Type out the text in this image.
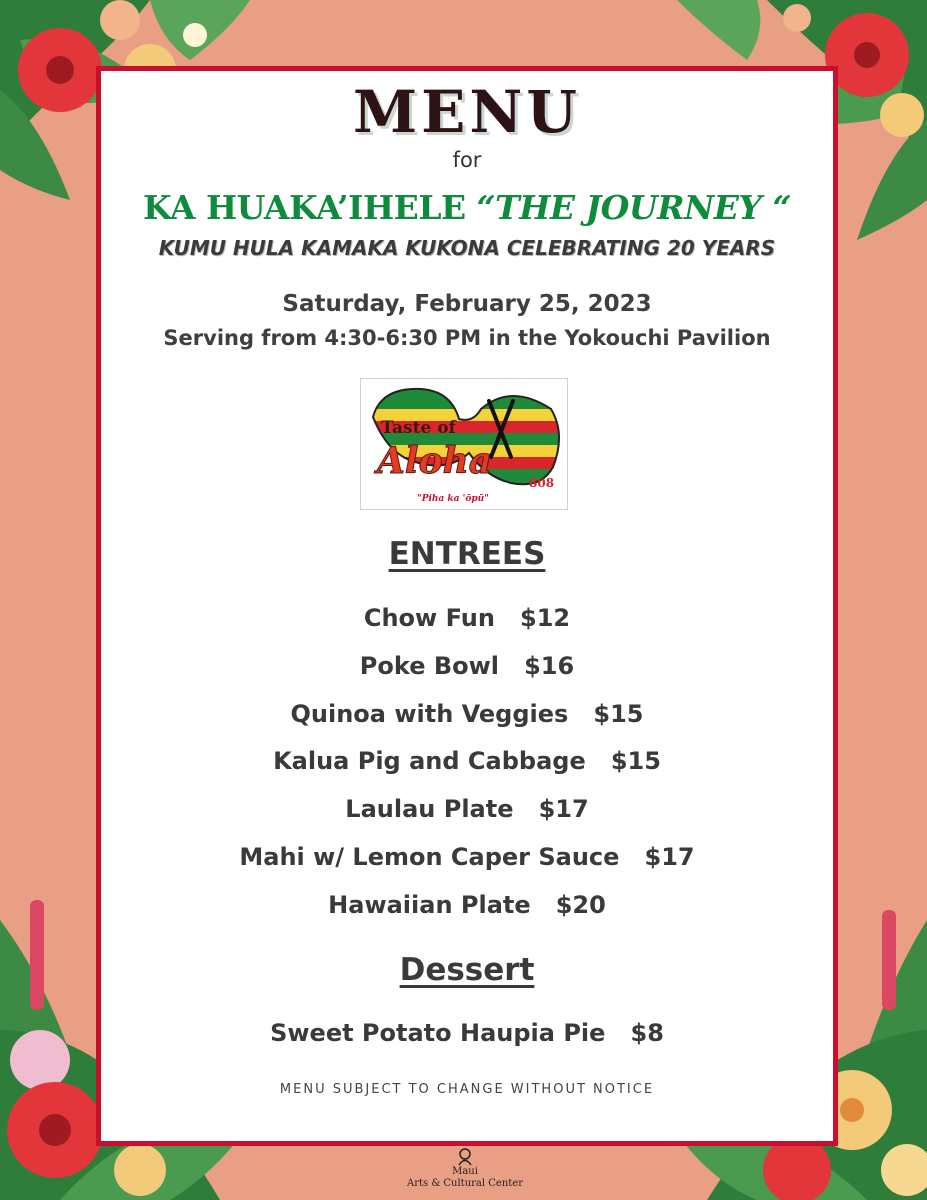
MENU
for
KA HUAKA’IHELE “THE JOURNEY “
KUMU HULA KAMAKA KUKONA CELEBRATING 20 YEARS
Saturday, February 25, 2023
Serving from 4:30-6:30 PM in the Yokouchi Pavilion
Taste of
Aloha
808
"Piha ka 'ōpū"
ENTREES
Chow Fun $12
Poke Bowl $16
Quinoa with Veggies $15
Kalua Pig and Cabbage $15
Laulau Plate $17
Mahi w/ Lemon Caper Sauce $17
Hawaiian Plate $20
Dessert
Sweet Potato Haupia Pie $8
MENU SUBJECT TO CHANGE WITHOUT NOTICE
Maui
Arts & Cultural Center
